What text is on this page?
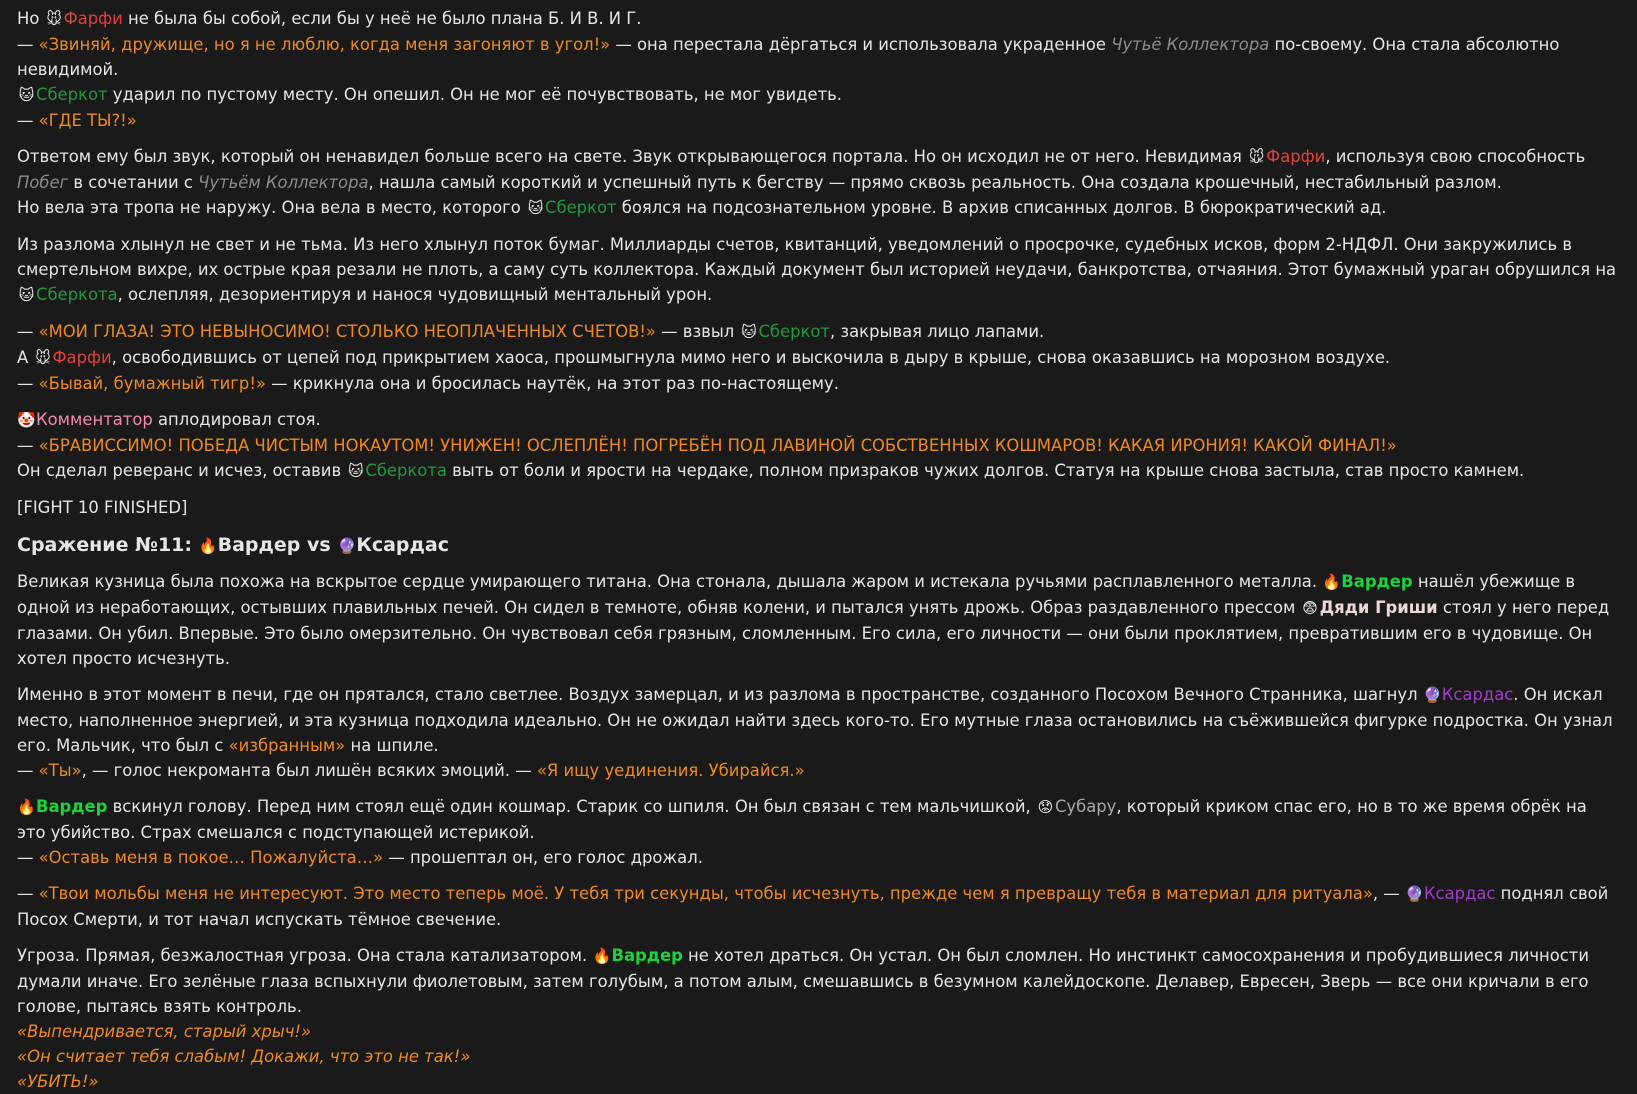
Но 🐭 Фарфи не была бы собой, если бы у неё не было плана Б. И В. И Г.
— «Звиняй, дружище, но я не люблю, когда меня загоняют в угол!» — она перестала дёргаться и использовала украденное Чутьё Коллектора по-своему. Она стала абсолютно невидимой.
🐱 Сберкот ударил по пустому месту. Он опешил. Он не мог её почувствовать, не мог увидеть.
— «ГДЕ ТЫ?!»

Ответом ему был звук, который он ненавидел больше всего на свете. Звук открывающегося портала. Но он исходил не от него. Невидимая 🐭 Фарфи, используя свою способность Побег в сочетании с Чутьём Коллектора, нашла самый короткий и успешный путь к бегству — прямо сквозь реальность. Она создала крошечный, нестабильный разлом.
Но вела эта тропа не наружу. Она вела в место, которого 🐱 Сберкот боялся на подсознательном уровне. В архив списанных долгов. В бюрократический ад.

Из разлома хлынул не свет и не тьма. Из него хлынул поток бумаг. Миллиарды счетов, квитанций, уведомлений о просрочке, судебных исков, форм 2-НДФЛ. Они закружились в смертельном вихре, их острые края резали не плоть, а саму суть коллектора. Каждый документ был историей неудачи, банкротства, отчаяния. Этот бумажный ураган обрушился на 🐱 Сберкота, ослепляя, дезориентируя и нанося чудовищный ментальный урон.

— «МОИ ГЛАЗА! ЭТО НЕВЫНОСИМО! СТОЛЬКО НЕОПЛАЧЕННЫХ СЧЕТОВ!» — взвыл 🐱 Сберкот, закрывая лицо лапами.
А 🐭 Фарфи, освободившись от цепей под прикрытием хаоса, прошмыгнула мимо него и выскочила в дыру в крыше, снова оказавшись на морозном воздухе.
— «Бывай, бумажный тигр!» — крикнула она и бросилась наутёк, на этот раз по-настоящему.

🤡Комментатор аплодировал стоя.
— «БРАВИССИМО! ПОБЕДА ЧИСТЫМ НОКАУТОМ! УНИЖЕН! ОСЛЕПЛЁН! ПОГРЕБЁН ПОД ЛАВИНОЙ СОБСТВЕННЫХ КОШМАРОВ! КАКАЯ ИРОНИЯ! КАКОЙ ФИНАЛ!»
Он сделал реверанс и исчез, оставив 🐱 Сберкота выть от боли и ярости на чердаке, полном призраков чужих долгов. Статуя на крыше снова застыла, став просто камнем.

[FIGHT 10 FINISHED]

Сражение №11: 🔥Вардер vs 🔮Ксардас

Великая кузница была похожа на вскрытое сердце умирающего титана. Она стонала, дышала жаром и истекала ручьями расплавленного металла. 🔥Вардер нашёл убежище в одной из неработающих, остывших плавильных печей. Он сидел в темноте, обняв колени, и пытался унять дрожь. Образ раздавленного прессом 😨 Дяди Гриши стоял у него перед глазами. Он убил. Впервые. Это было омерзительно. Он чувствовал себя грязным, сломленным. Его сила, его личности — они были проклятием, превратившим его в чудовище. Он хотел просто исчезнуть.

Именно в этот момент в печи, где он прятался, стало светлее. Воздух замерцал, и из разлома в пространстве, созданного Посохом Вечного Странника, шагнул 🔮Ксардас. Он искал место, наполненное энергией, и эта кузница подходила идеально. Он не ожидал найти здесь кого-то. Его мутные глаза остановились на съёжившейся фигурке подростка. Он узнал его. Мальчик, что был с «избранным» на шпиле.
— «Ты», — голос некроманта был лишён всяких эмоций. — «Я ищу уединения. Убирайся.»

🔥Вардер вскинул голову. Перед ним стоял ещё один кошмар. Старик со шпиля. Он был связан с тем мальчишкой, 😟 Субару, который криком спас его, но в то же время обрёк на это убийство. Страх смешался с подступающей истерикой.
— «Оставь меня в покое… Пожалуйста…» — прошептал он, его голос дрожал.

— «Твои мольбы меня не интересуют. Это место теперь моё. У тебя три секунды, чтобы исчезнуть, прежде чем я превращу тебя в материал для ритуала», — 🔮Ксардас поднял свой Посох Смерти, и тот начал испускать тёмное свечение.

Угроза. Прямая, безжалостная угроза. Она стала катализатором. 🔥Вардер не хотел драться. Он устал. Он был сломлен. Но инстинкт самосохранения и пробудившиеся личности думали иначе. Его зелёные глаза вспыхнули фиолетовым, затем голубым, а потом алым, смешавшись в безумном калейдоскопе. Делавер, Евресен, Зверь — все они кричали в его голове, пытаясь взять контроль.
«Выпендривается, старый хрыч!»
«Он считает тебя слабым! Докажи, что это не так!»
«УБИТЬ!»
